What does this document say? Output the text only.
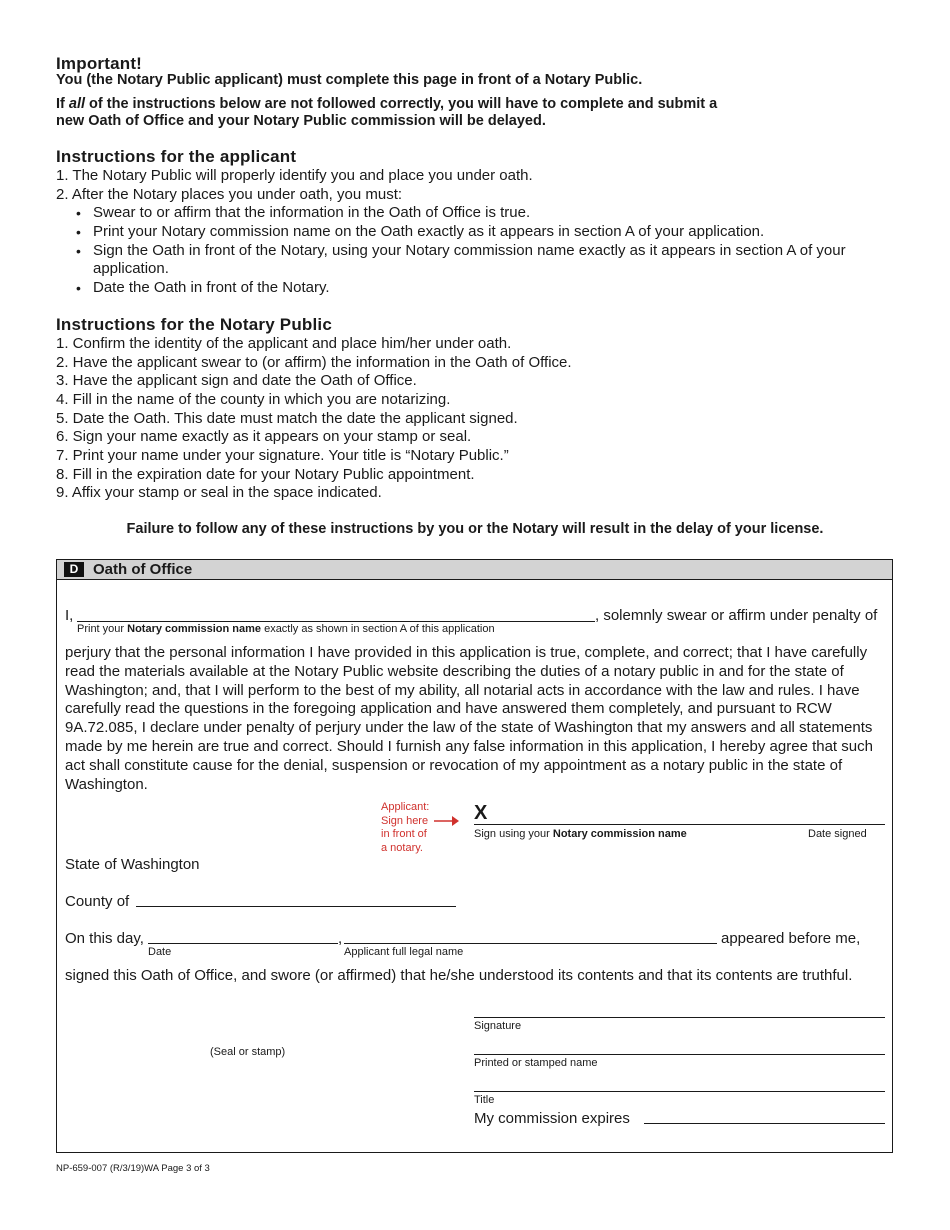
Important!
You (the Notary Public applicant) must complete this page in front of a Notary Public.
If all of the instructions below are not followed correctly, you will have to complete and submit a
new Oath of Office and your Notary Public commission will be delayed.
Instructions for the applicant
1. The Notary Public will properly identify you and place you under oath.
2. After the Notary places you under oath, you must:
• Swear to or affirm that the information in the Oath of Office is true.
• Print your Notary commission name on the Oath exactly as it appears in section A of your application.
• Sign the Oath in front of the Notary, using your Notary commission name exactly as it appears in section A of your
application.
• Date the Oath in front of the Notary.
Instructions for the Notary Public
1. Confirm the identity of the applicant and place him/her under oath.
2. Have the applicant swear to (or affirm) the information in the Oath of Office.
3. Have the applicant sign and date the Oath of Office.
4. Fill in the name of the county in which you are notarizing.
5. Date the Oath. This date must match the date the applicant signed.
6. Sign your name exactly as it appears on your stamp or seal.
7. Print your name under your signature. Your title is “Notary Public.”
8. Fill in the expiration date for your Notary Public appointment.
9. Affix your stamp or seal in the space indicated.
Failure to follow any of these instructions by you or the Notary will result in the delay of your license.
D Oath of Office
I,	, solemnly swear or affirm under penalty of
Print your Notary commission name exactly as shown in section A of this application
perjury that the personal information I have provided in this application is true, complete, and correct; that I have carefully read the materials available at the Notary Public website describing the duties of a notary public in and for the state of Washington; and, that I will perform to the best of my ability, all notarial acts in accordance with the law and rules. I have carefully read the questions in the foregoing application and have answered them completely, and pursuant to RCW 9A.72.085, I declare under penalty of perjury under the law of the state of Washington that my answers and all statements made by me herein are true and correct. Should I furnish any false information in this application, I hereby agree that such act shall constitute cause for the denial, suspension or revocation of my appointment as a notary public in the state of Washington.
Applicant:
Sign here
in front of
a notary.
X
Sign using your Notary commission name	Date signed
State of Washington
County of
On this day,	,	appeared before me,
Date	Applicant full legal name
signed this Oath of Office, and swore (or affirmed) that he/she understood its contents and that its contents are truthful.
Signature
(Seal or stamp)
Printed or stamped name
Title
My commission expires
NP-659-007 (R/3/19)WA Page 3 of 3
